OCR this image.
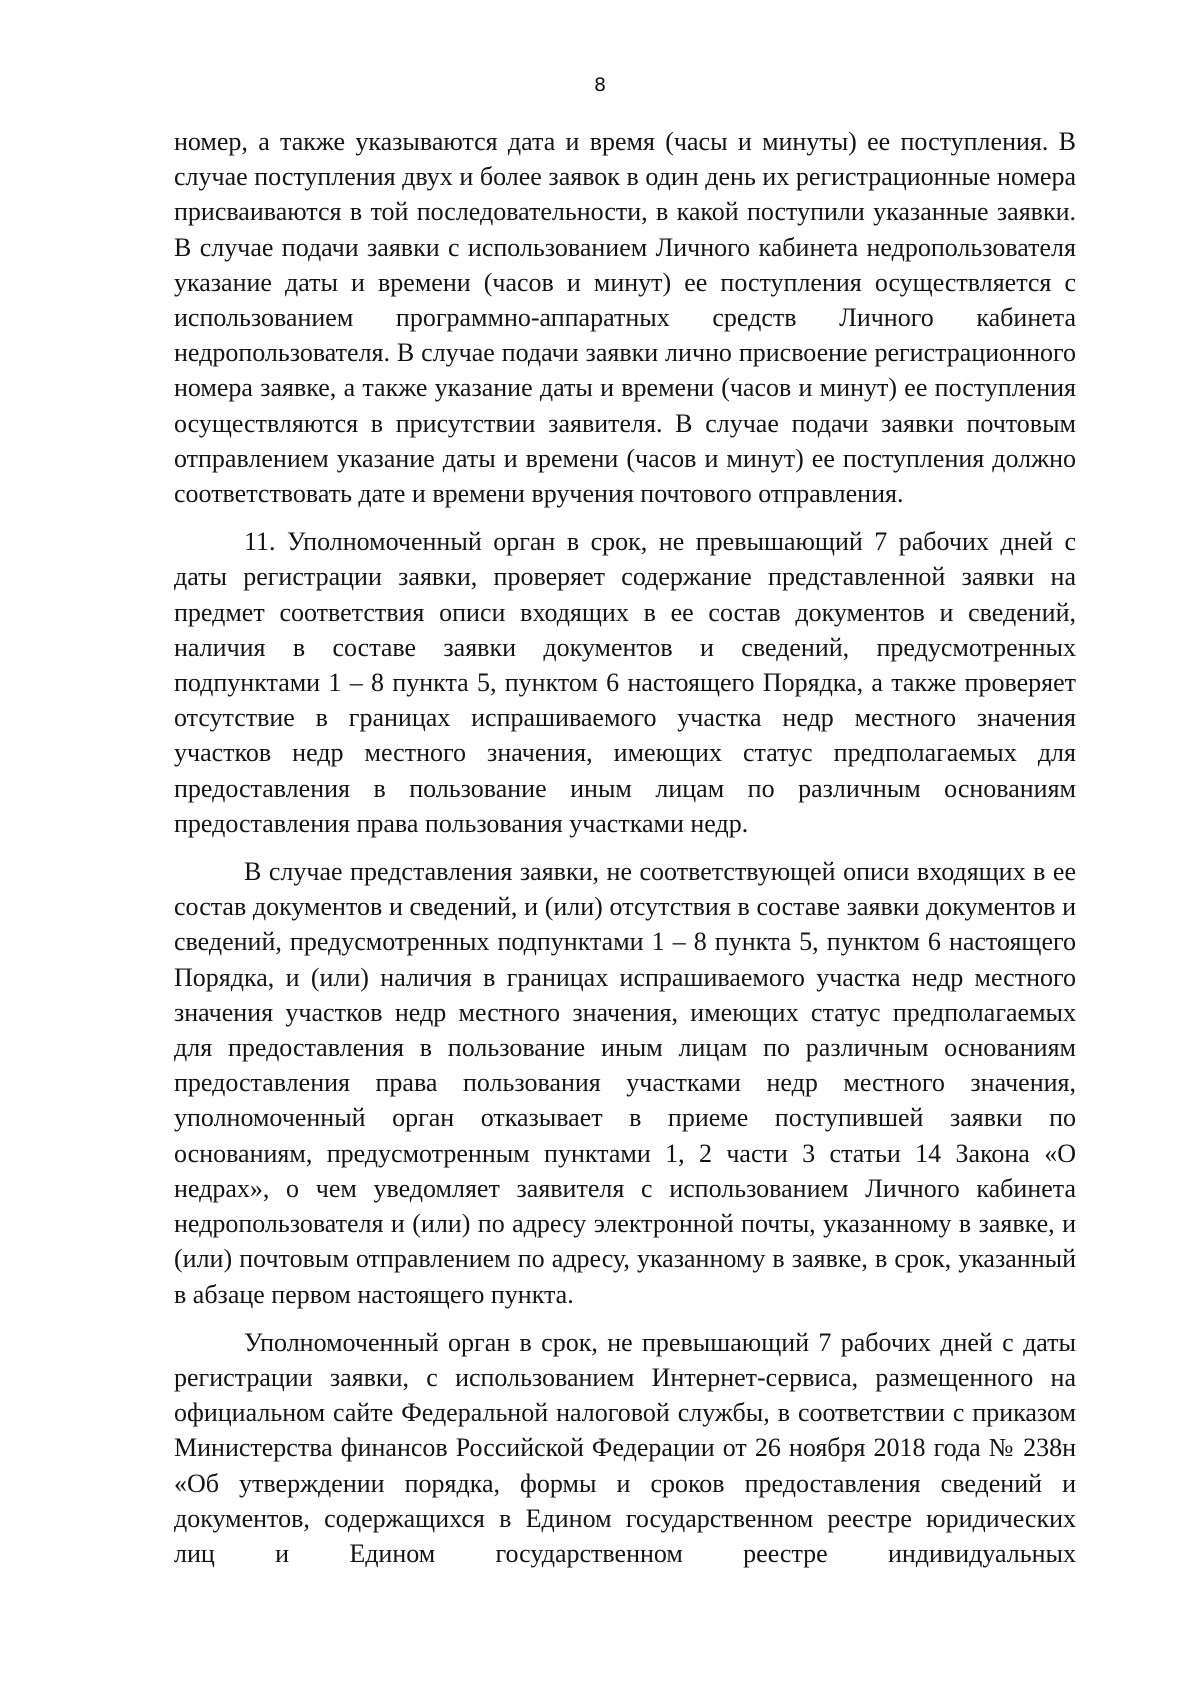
8

номер, а также указываются дата и время (часы и минуты) ее поступления. В случае поступления двух и более заявок в один день их регистрационные номера присваиваются в той последовательности, в какой поступили указанные заявки. В случае подачи заявки с использованием Личного кабинета недропользователя указание даты и времени (часов и минут) ее поступления осуществляется с использованием программно-аппаратных средств Личного кабинета недропользователя. В случае подачи заявки лично присвоение регистрационного номера заявке, а также указание даты и времени (часов и минут) ее поступления осуществляются в присутствии заявителя. В случае подачи заявки почтовым отправлением указание даты и времени (часов и минут) ее поступления должно соответствовать дате и времени вручения почтового отправления.

11. Уполномоченный орган в срок, не превышающий 7 рабочих дней с даты регистрации заявки, проверяет содержание представленной заявки на предмет соответствия описи входящих в ее состав документов и сведений, наличия в составе заявки документов и сведений, предусмотренных подпунктами 1 – 8 пункта 5, пунктом 6 настоящего Порядка, а также проверяет отсутствие в границах испрашиваемого участка недр местного значения участков недр местного значения, имеющих статус предполагаемых для предоставления в пользование иным лицам по различным основаниям предоставления права пользования участками недр.

В случае представления заявки, не соответствующей описи входящих в ее состав документов и сведений, и (или) отсутствия в составе заявки документов и сведений, предусмотренных подпунктами 1 – 8 пункта 5, пунктом 6 настоящего Порядка, и (или) наличия в границах испрашиваемого участка недр местного значения участков недр местного значения, имеющих статус предполагаемых для предоставления в пользование иным лицам по различным основаниям предоставления права пользования участками недр местного значения, уполномоченный орган отказывает в приеме поступившей заявки по основаниям, предусмотренным пунктами 1, 2 части 3 статьи 14 Закона «О недрах», о чем уведомляет заявителя с использованием Личного кабинета недропользователя и (или) по адресу электронной почты, указанному в заявке, и (или) почтовым отправлением по адресу, указанному в заявке, в срок, указанный в абзаце первом настоящего пункта.

Уполномоченный орган в срок, не превышающий 7 рабочих дней с даты регистрации заявки, с использованием Интернет-сервиса, размещенного на официальном сайте Федеральной налоговой службы, в соответствии с приказом Министерства финансов Российской Федерации от 26 ноября 2018 года № 238н «Об утверждении порядка, формы и сроков предоставления сведений и документов, содержащихся в Едином государственном реестре юридических лиц и Едином государственном реестре индивидуальных
